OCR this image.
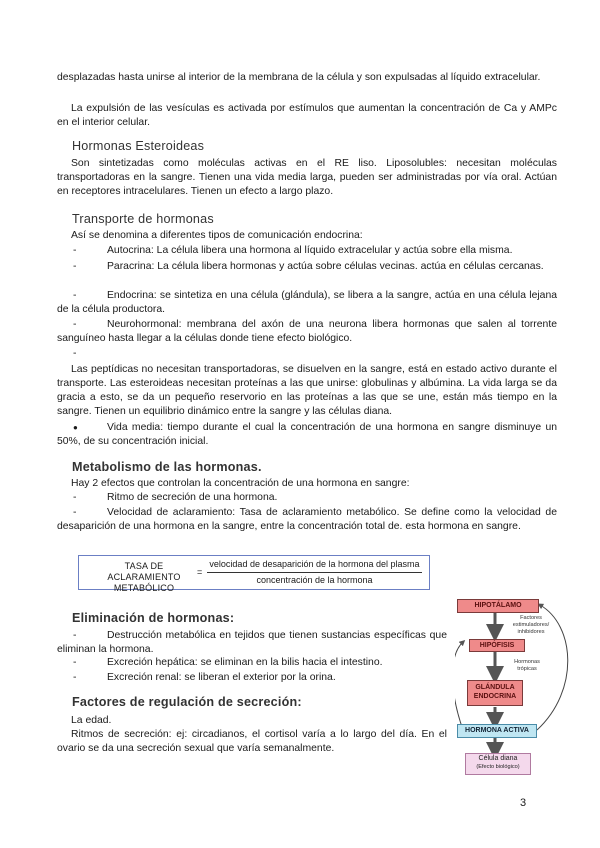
desplazadas hasta unirse al interior de la membrana de la célula y son expulsadas al líquido extracelular.

La expulsión de las vesículas es activada por estímulos que aumentan la concentración de Ca y AMPc en el interior celular.

Hormonas Esteroideas

Son sintetizadas como moléculas activas en el RE liso. Liposolubles: necesitan moléculas transportadoras en la sangre. Tienen una vida media larga, pueden ser administradas por vía oral. Actúan en receptores intracelulares. Tienen un efecto a largo plazo.

Transporte de hormonas

Así se denomina a diferentes tipos de comunicación endocrina:

-	Autocrina: La célula libera una hormona al líquido extracelular y actúa sobre ella misma.
-	Paracrina: La célula libera hormonas y actúa sobre células vecinas. actúa en células cercanas.
-	Endocrina: se sintetiza en una célula (glándula), se libera a la sangre, actúa en una célula lejana de la célula productora.
-	Neurohormonal: membrana del axón de una neurona libera hormonas que salen al torrente sanguíneo hasta llegar a la células donde tiene efecto biológico.
-

Las peptídicas no necesitan transportadoras, se disuelven en la sangre, está en estado activo durante el transporte. Las esteroideas necesitan proteínas a las que unirse: globulinas y albúmina. La vida larga se da gracia a esto, se da un pequeño reservorio en las proteínas a las que se une, están más tiempo en la sangre. Tienen un equilibrio dinámico entre la sangre y las células diana.

●	Vida media: tiempo durante el cual la concentración de una hormona en sangre disminuye un 50%, de su concentración inicial.
Metabolismo de las hormonas.

Hay 2 efectos que controlan la concentración de una hormona en sangre:

-	Ritmo de secreción de una hormona.
-	Velocidad de aclaramiento: Tasa de aclaramiento metabólico. Se define como la velocidad de desaparición de una hormona en la sangre, entre la concentración total de. esta hormona en sangre.
TASA DE ACLARAMIENTO METABÓLICO
=
velocidad de desaparición de la hormona del plasma
concentración de la hormona
Eliminación de hormonas:
-	Destrucción metabólica en tejidos que tienen sustancias específicas que eliminan la hormona.
-	Excreción hepática: se eliminan en la bilis hacia el intestino.
-	Excreción renal: se liberan el exterior por la orina.
Factores de regulación de secreción:

La edad.

Ritmos de secreción: ej: circadianos, el cortisol varía a lo largo del día. En el ovario se da una secreción sexual que varía semanalmente.

HIPOTÁLAMO
Factores estimuladores/ inhibidores
HIPÓFISIS
Hormonas trópicas
GLÁNDULA ENDOCRINA
HORMONA ACTIVA
Célula diana
(Efecto biológico)
3
